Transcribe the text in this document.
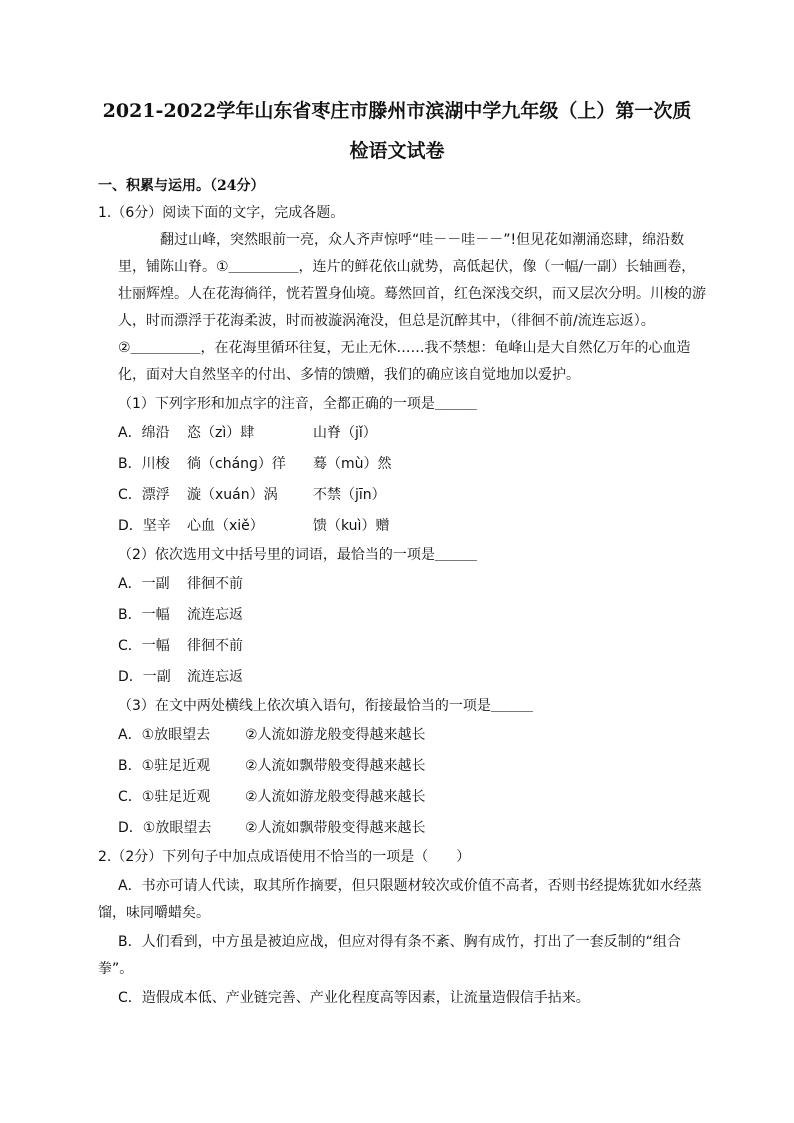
2021-2022学年山东省枣庄市滕州市滨湖中学九年级（上）第一次质
检语文试卷
一、积累与运用。（24分）
1.（6分）阅读下面的文字，完成各题。
翻过山峰，突然眼前一亮，众人齐声惊呼“哇－－哇－－”!但见花如潮涌恣肆，绵沿数
里，铺陈山脊。①＿＿＿＿＿，连片的鲜花依山就势，高低起伏，像（一幅/一副）长轴画卷，
壮丽辉煌。人在花海徜徉，恍若置身仙境。蓦然回首，红色深浅交织，而又层次分明。川梭的游
人，时而漂浮于花海柔波，时而被漩涡淹没，但总是沉醉其中，（徘徊不前/流连忘返）。
②＿＿＿＿＿，在花海里循环往复，无止无休……我不禁想：龟峰山是大自然亿万年的心血造
化，面对大自然坚辛的付出、多情的馈赠，我们的确应该自觉地加以爱护。
（1）下列字形和加点字的注音，全都正确的一项是＿＿＿
A．绵沿 恣（zì）肆	山脊（jǐ）
B．川梭 徜（chánɡ）徉 蓦（mù）然
C．漂浮 漩（xuán）涡	不禁（jīn）
D．坚辛 心血（xiě）	馈（kuì）赠
（2）依次选用文中括号里的词语，最恰当的一项是＿＿＿
A．一副 徘徊不前
B．一幅 流连忘返
C．一幅 徘徊不前
D．一副 流连忘返
（3）在文中两处横线上依次填入语句，衔接最恰当的一项是＿＿＿
A．①放眼望去 ②人流如游龙般变得越来越长
B．①驻足近观 ②人流如飘带般变得越来越长
C．①驻足近观 ②人流如游龙般变得越来越长
D．①放眼望去 ②人流如飘带般变得越来越长
2.（2分）下列句子中加点成语使用不恰当的一项是（　　）
A．书亦可请人代读，取其所作摘要，但只限题材较次或价值不高者，否则书经提炼犹如水经蒸
馏，味同嚼蜡矣。
B．人们看到，中方虽是被迫应战，但应对得有条不紊、胸有成竹，打出了一套反制的“组合
拳”。
C．造假成本低、产业链完善、产业化程度高等因素，让流量造假信手拈来。
